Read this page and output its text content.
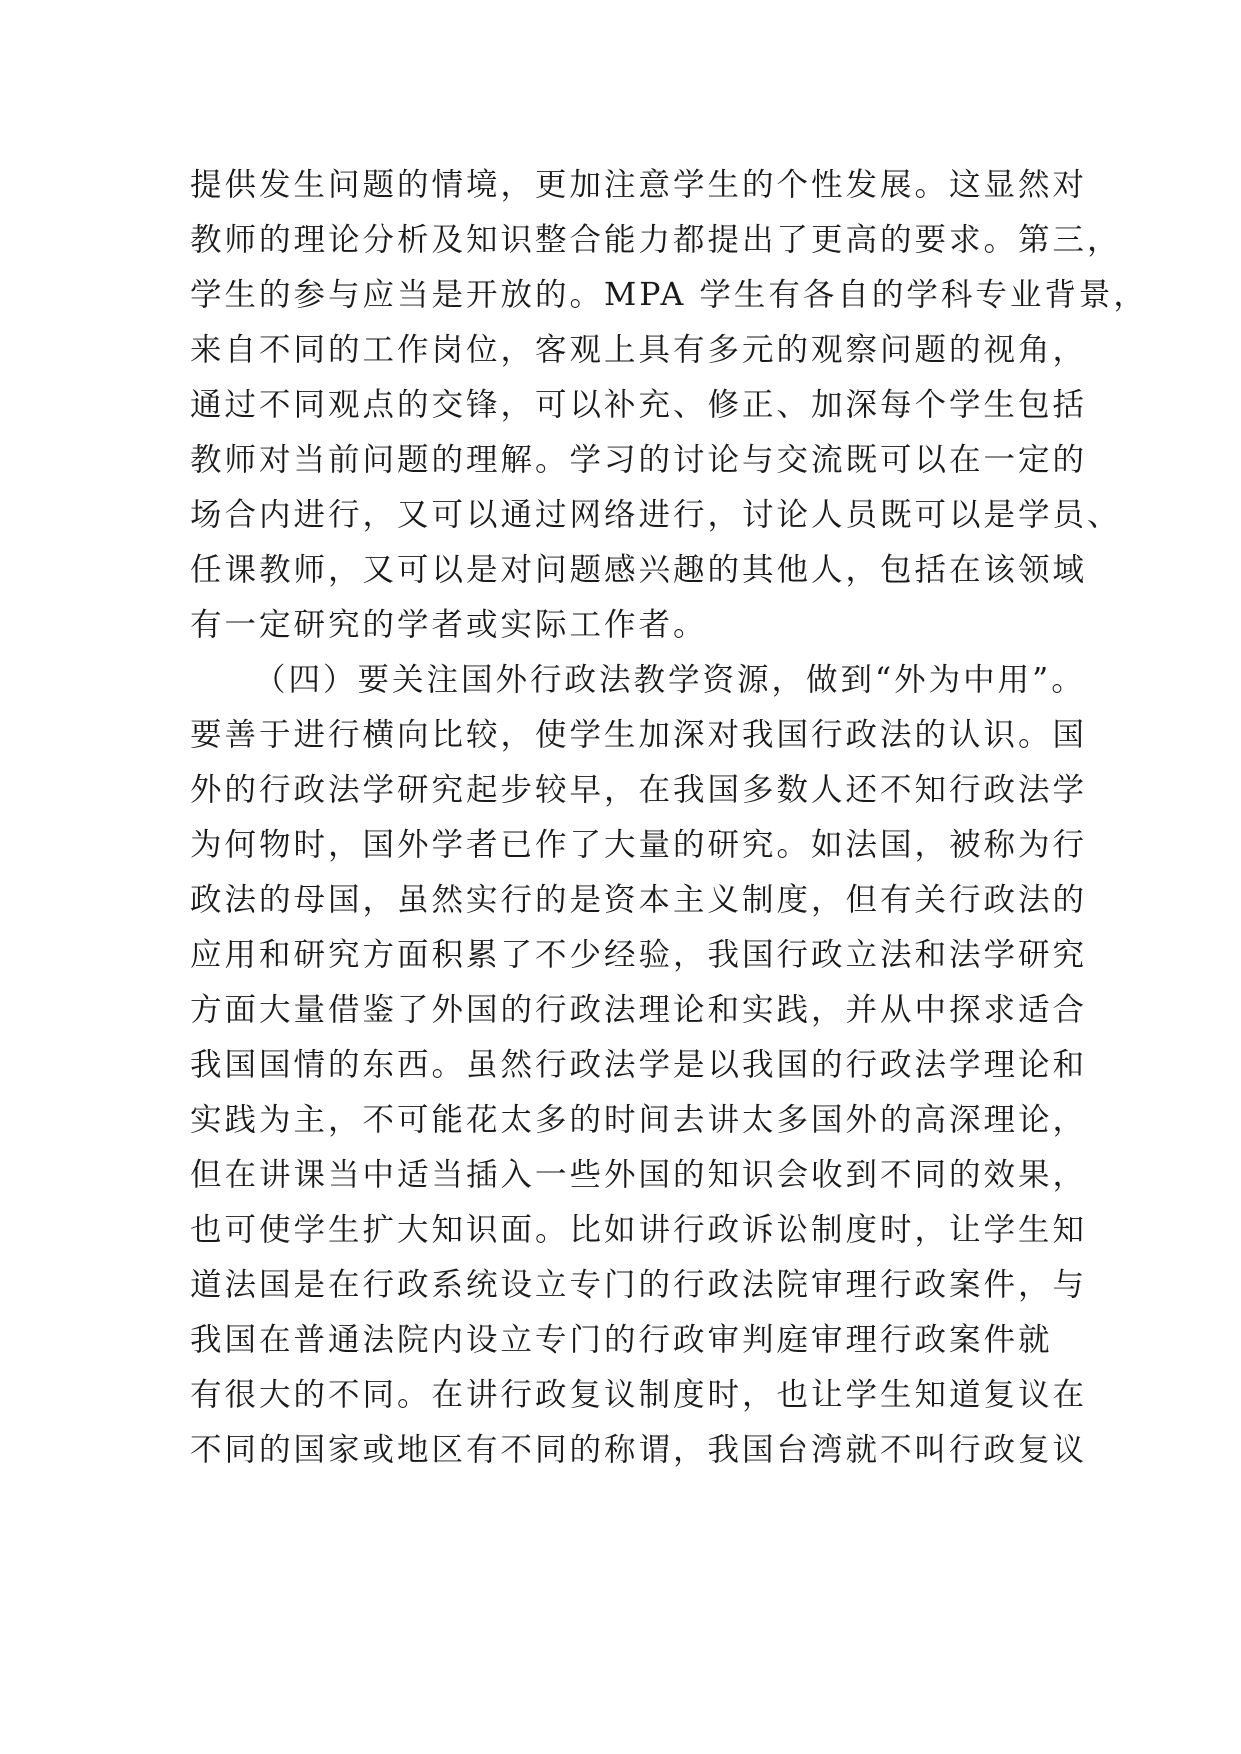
提供发生问题的情境，更加注意学生的个性发展。这显然对
教师的理论分析及知识整合能力都提出了更高的要求。第三，
学生的参与应当是开放的。MPA 学生有各自的学科专业背景，
来自不同的工作岗位，客观上具有多元的观察问题的视角，
通过不同观点的交锋，可以补充、修正、加深每个学生包括
教师对当前问题的理解。学习的讨论与交流既可以在一定的
场合内进行，又可以通过网络进行，讨论人员既可以是学员、
任课教师，又可以是对问题感兴趣的其他人，包括在该领域
有一定研究的学者或实际工作者。
（四）要关注国外行政法教学资源，做到“外为中用”。
要善于进行横向比较，使学生加深对我国行政法的认识。国
外的行政法学研究起步较早，在我国多数人还不知行政法学
为何物时，国外学者已作了大量的研究。如法国，被称为行
政法的母国，虽然实行的是资本主义制度，但有关行政法的
应用和研究方面积累了不少经验，我国行政立法和法学研究
方面大量借鉴了外国的行政法理论和实践，并从中探求适合
我国国情的东西。虽然行政法学是以我国的行政法学理论和
实践为主，不可能花太多的时间去讲太多国外的高深理论，
但在讲课当中适当插入一些外国的知识会收到不同的效果，
也可使学生扩大知识面。比如讲行政诉讼制度时，让学生知
道法国是在行政系统设立专门的行政法院审理行政案件，与
我国在普通法院内设立专门的行政审判庭审理行政案件就
有很大的不同。在讲行政复议制度时，也让学生知道复议在
不同的国家或地区有不同的称谓，我国台湾就不叫行政复议
